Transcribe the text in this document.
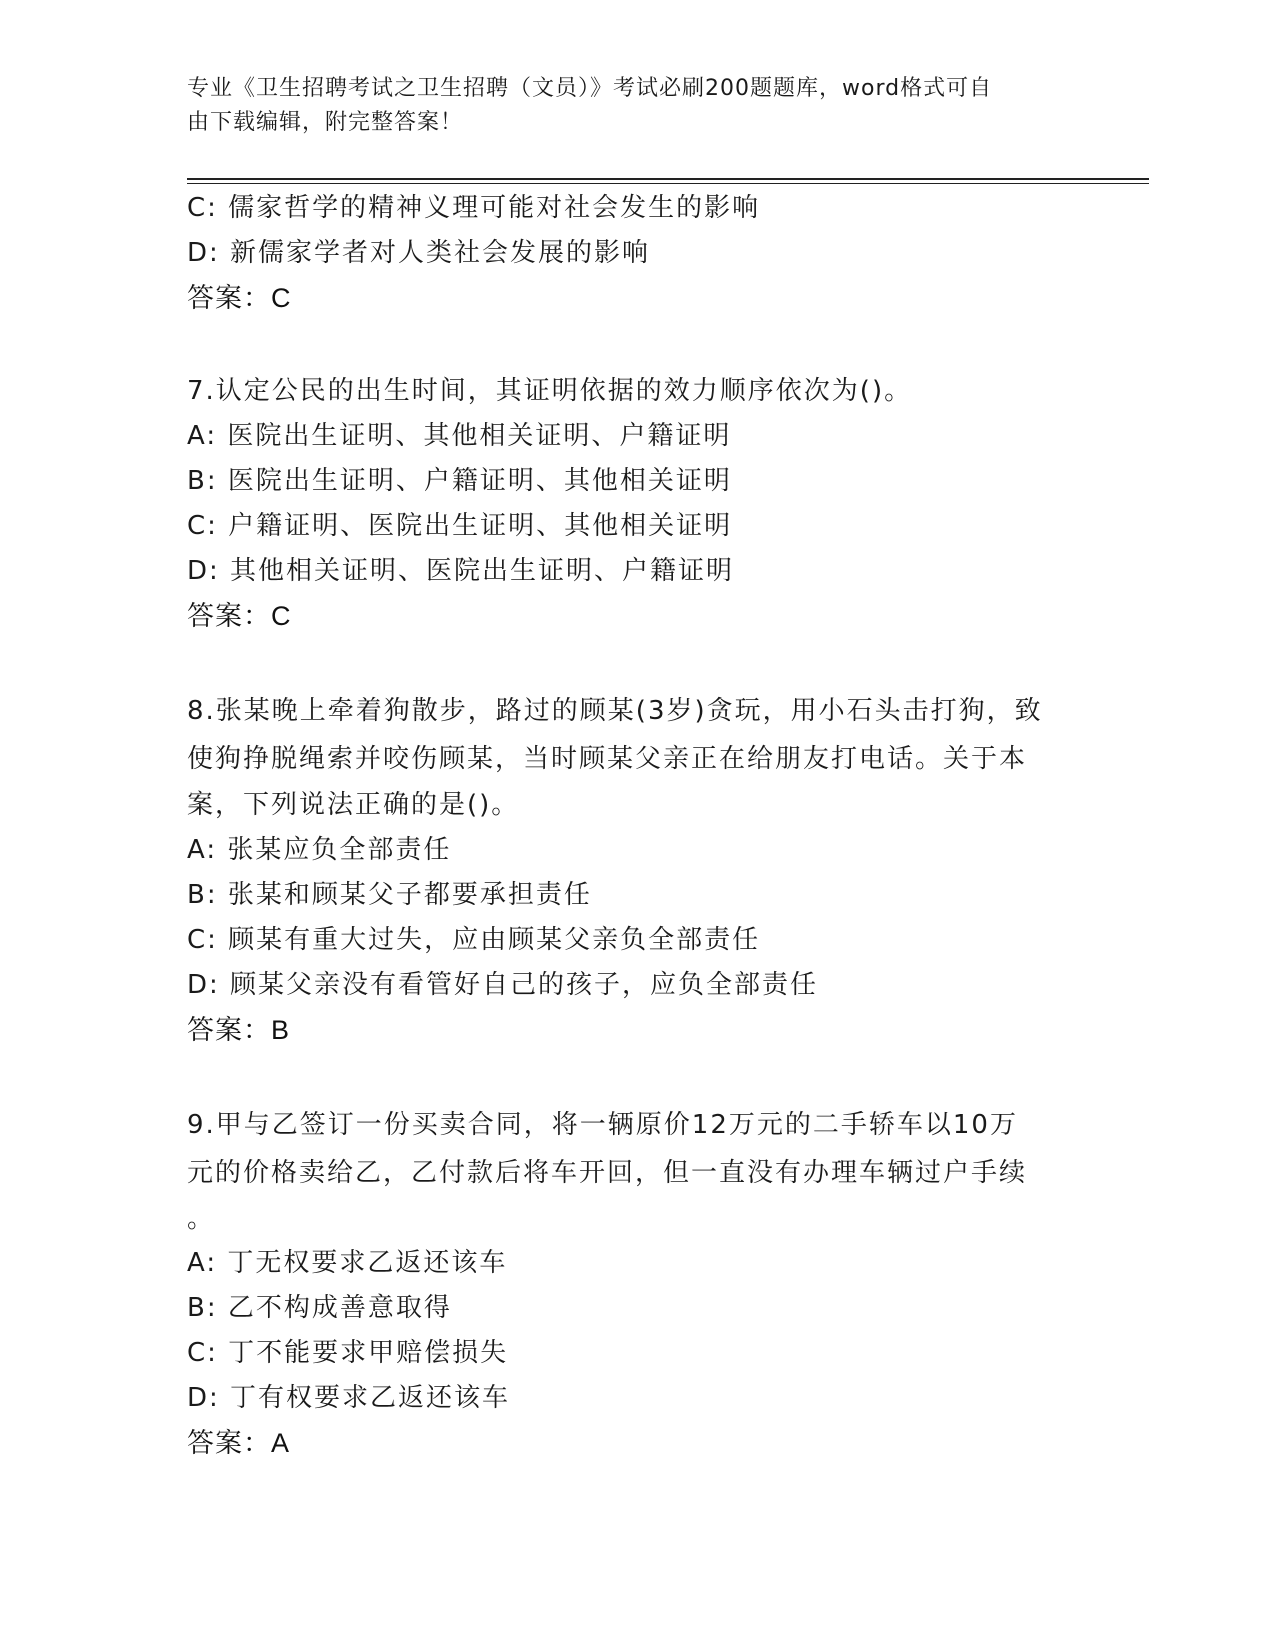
专业《卫生招聘考试之卫生招聘（文员）》考试必刷200题题库，word格式可自
由下载编辑，附完整答案！
C: 儒家哲学的精神义理可能对社会发生的影响
D: 新儒家学者对人类社会发展的影响
答案：C
7.认定公民的出生时间，其证明依据的效力顺序依次为()。
A: 医院出生证明、其他相关证明、户籍证明
B: 医院出生证明、户籍证明、其他相关证明
C: 户籍证明、医院出生证明、其他相关证明
D: 其他相关证明、医院出生证明、户籍证明
答案：C
8.张某晚上牵着狗散步，路过的顾某(3岁)贪玩，用小石头击打狗，致
使狗挣脱绳索并咬伤顾某，当时顾某父亲正在给朋友打电话。关于本
案，下列说法正确的是()。
A: 张某应负全部责任
B: 张某和顾某父子都要承担责任
C: 顾某有重大过失，应由顾某父亲负全部责任
D: 顾某父亲没有看管好自己的孩子，应负全部责任
答案：B
9.甲与乙签订一份买卖合同，将一辆原价12万元的二手轿车以10万
元的价格卖给乙，乙付款后将车开回，但一直没有办理车辆过户手续
。
A: 丁无权要求乙返还该车
B: 乙不构成善意取得
C: 丁不能要求甲赔偿损失
D: 丁有权要求乙返还该车
答案：A
